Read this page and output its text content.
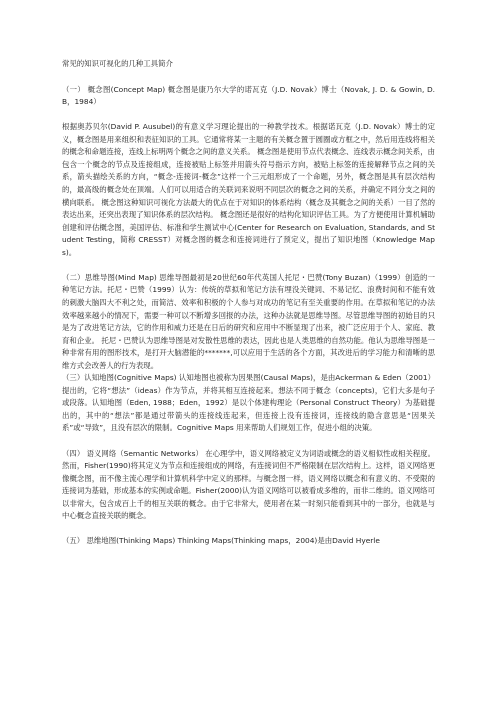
常见的知识可视化的几种工具简介

（一） 概念图(Concept Map) 概念图是康乃尔大学的诺瓦克（J.D. Novak）博士（Novak, J. D. & Gowin, D. B，1984）

根据奥苏贝尔(David P. Ausubel)的有意义学习理论提出的一种教学技术。根据诺瓦克（J.D. Novak）博士的定义，概念图是用来组织和表征知识的工具。它通常将某一主题的有关概念置于圆圈或方框之中，然后用连线将相关的概念和命题连接，连线上标明两个概念之间的意义关系。 概念图是使用节点代表概念、连线表示概念间关系，由包含一个概念的节点及连接组成，连接被贴上标签并用箭头符号指示方向，被贴上标签的连接解释节点之间的关系，箭头描绘关系的方向，“概念-连接词-概念”这样一个三元组形成了一个命题，另外，概念图是具有层次结构的，最高级的概念处在顶端。人们可以用适合的关联词来说明不同层次的概念之间的关系，并确定不同分支之间的横向联系。 概念图这种知识可视化方法最大的优点在于对知识的体系结构（概念及其概念之间的关系）一目了然的表达出来，还突出表现了知识体系的层次结构。 概念图还是很好的结构化知识评估工具。为了方便使用计算机辅助创建和评估概念图，美国评估、标准和学生测试中心(Center for Research on Evaluation, Standards, and Student Testing，简称 CRESST）对概念图的概念和连接词进行了预定义，提出了知识地图（Knowledge Maps)。

（二）思维导图(Mind Map) 思维导图最初是20世纪60年代英国人托尼・巴赞(Tony Buzan)（1999）创造的一种笔记方法。托尼・巴赞（1999）认为：传统的草拟和笔记方法有埋没关键词、不易记忆、浪费时间和不能有效的刺激大脑四大不利之处，而简洁、效率和积极的个人参与对成功的笔记有至关重要的作用。在草拟和笔记的办法效率越来越小的情况下，需要一种可以不断增多回报的办法，这种办法就是思维导图。尽管思维导图的初始目的只是为了改进笔记方法，它的作用和威力还是在日后的研究和应用中不断显现了出来，被广泛应用于个人、家庭、教育和企业。 托尼・巴赞认为思维导图是对发散性思维的表达，因此也是人类思维的自然功能。他认为思维导图是一种非常有用的图形技术，是打开大脑潜能的*******,可以应用于生活的各个方面，其改进后的学习能力和清晰的思维方式会改善人的行为表现。

（三）认知地图(Cognitive Maps) 认知地图也被称为因果图(Causal Maps)，是由Ackerman & Eden（2001）提出的，它将“想法”（ideas）作为节点，并将其相互连接起来。想法不同于概念（concepts)，它们大多是句子或段落。认知地图（Eden, 1988；Eden，1992）是以个体建构理论（Personal Construct Theory）为基础提出的，其中的“想法”都是通过带箭头的连接线连起来，但连接上没有连接词，连接线的隐含意思是“因果关系”或“导致”，且没有层次的限制。Cognitive Maps 用来帮助人们规划工作，促进小组的决策。

（四） 语义网络（Semantic Networks） 在心理学中，语义网络被定义为词语或概念的语义相似性或相关程度。然而，Fisher(1990)将其定义为节点和连接组成的网络，有连接词但不严格限制在层次结构上。这样，语义网络更像概念图，而不像主流心理学和计算机科学中定义的那样。与概念图一样，语义网络以概念和有意义的、不受限的连接词为基础，形成基本的实例或命题。Fisher(2000)认为语义网络可以被看成多维的，而非二维的。语义网络可以非常大，包含成百上千的相互关联的概念。由于它非常大，使用者在某一时刻只能看到其中的一部分，也就是与中心概念直接关联的概念。

（五） 思维地图(Thinking Maps) Thinking Maps(Thinking maps，2004)是由David Hyerle
